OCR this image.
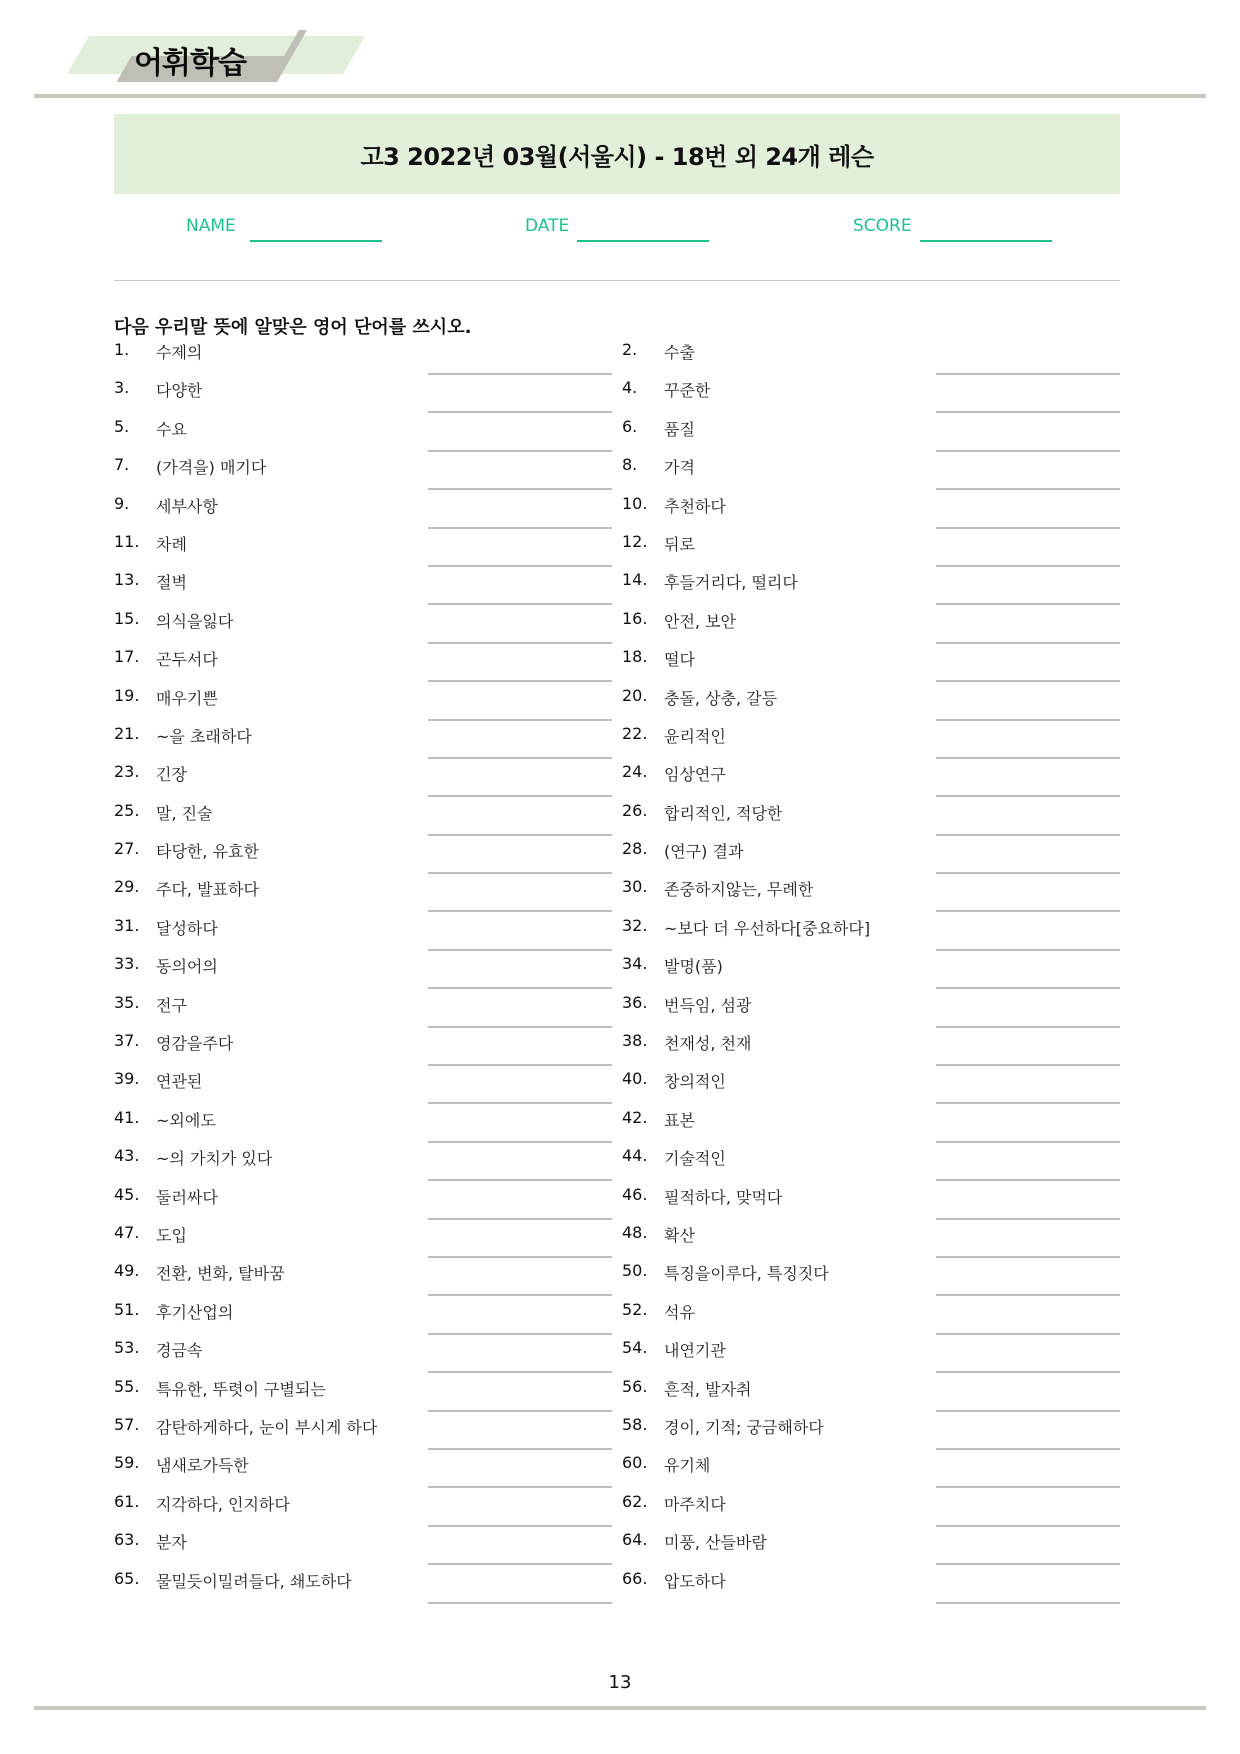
어휘학습
고3 2022년 03월(서울시) - 18번 외 24개 레슨
NAME	DATE	SCORE
다음 우리말 뜻에 알맞은 영어 단어를 쓰시오.
1.	수제의	2.	수출
3.	다양한	4.	꾸준한
5.	수요	6.	품질
7.	(가격을) 매기다	8.	가격
9.	세부사항	10.	추천하다
11.	차례	12.	뒤로
13.	절벽	14.	후들거리다, 떨리다
15.	의식을잃다	16.	안전, 보안
17.	곤두서다	18.	떨다
19.	매우기쁜	20.	충돌, 상충, 갈등
21.	~을 초래하다	22.	윤리적인
23.	긴장	24.	임상연구
25.	말, 진술	26.	합리적인, 적당한
27.	타당한, 유효한	28.	(연구) 결과
29.	주다, 발표하다	30.	존중하지않는, 무례한
31.	달성하다	32.	~보다 더 우선하다[중요하다]
33.	동의어의	34.	발명(품)
35.	전구	36.	번득임, 섬광
37.	영감을주다	38.	천재성, 천재
39.	연관된	40.	창의적인
41.	~외에도	42.	표본
43.	~의 가치가 있다	44.	기술적인
45.	둘러싸다	46.	필적하다, 맞먹다
47.	도입	48.	확산
49.	전환, 변화, 탈바꿈	50.	특징을이루다, 특징짓다
51.	후기산업의	52.	석유
53.	경금속	54.	내연기관
55.	특유한, 뚜렷이 구별되는	56.	흔적, 발자취
57.	감탄하게하다, 눈이 부시게 하다	58.	경이, 기적; 궁금해하다
59.	냄새로가득한	60.	유기체
61.	지각하다, 인지하다	62.	마주치다
63.	분자	64.	미풍, 산들바람
65.	물밀듯이밀려들다, 쇄도하다	66.	압도하다
13
